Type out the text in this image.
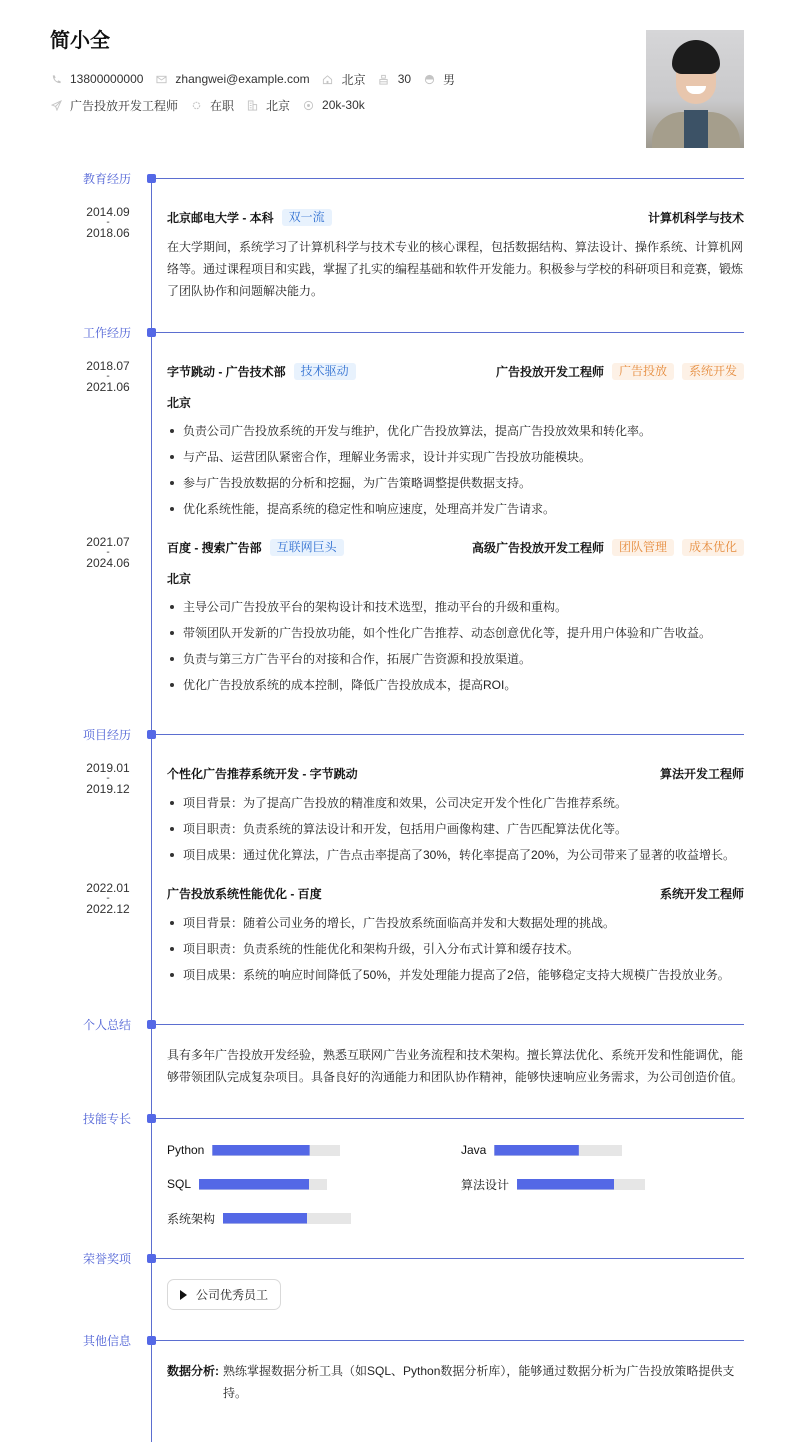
简小全
13800000000	zhangwei@example.com	北京	30	男
广告投放开发工程师	在职	北京	20k-30k
教育经历
2014.09
-
2018.06
北京邮电大学 - 本科	双一流	计算机科学与技术
在大学期间，系统学习了计算机科学与技术专业的核心课程，包括数据结构、算法设计、操作系统、计算机网络等。通过课程项目和实践，掌握了扎实的编程基础和软件开发能力。积极参与学校的科研项目和竞赛，锻炼了团队协作和问题解决能力。
工作经历
2018.07
-
2021.06
字节跳动 - 广告技术部	技术驱动	广告投放开发工程师	广告投放	系统开发
北京
负责公司广告投放系统的开发与维护，优化广告投放算法，提高广告投放效果和转化率。
与产品、运营团队紧密合作，理解业务需求，设计并实现广告投放功能模块。
参与广告投放数据的分析和挖掘，为广告策略调整提供数据支持。
优化系统性能，提高系统的稳定性和响应速度，处理高并发广告请求。
2021.07
-
2024.06
百度 - 搜索广告部	互联网巨头	高级广告投放开发工程师	团队管理	成本优化
北京
主导公司广告投放平台的架构设计和技术选型，推动平台的升级和重构。
带领团队开发新的广告投放功能，如个性化广告推荐、动态创意优化等，提升用户体验和广告收益。
负责与第三方广告平台的对接和合作，拓展广告资源和投放渠道。
优化广告投放系统的成本控制，降低广告投放成本，提高ROI。
项目经历
2019.01
-
2019.12
个性化广告推荐系统开发 - 字节跳动	算法开发工程师
项目背景：为了提高广告投放的精准度和效果，公司决定开发个性化广告推荐系统。
项目职责：负责系统的算法设计和开发，包括用户画像构建、广告匹配算法优化等。
项目成果：通过优化算法，广告点击率提高了30%，转化率提高了20%，为公司带来了显著的收益增长。
2022.01
-
2022.12
广告投放系统性能优化 - 百度	系统开发工程师
项目背景：随着公司业务的增长，广告投放系统面临高并发和大数据处理的挑战。
项目职责：负责系统的性能优化和架构升级，引入分布式计算和缓存技术。
项目成果：系统的响应时间降低了50%，并发处理能力提高了2倍，能够稳定支持大规模广告投放业务。
个人总结
具有多年广告投放开发经验，熟悉互联网广告业务流程和技术架构。擅长算法优化、系统开发和性能调优，能够带领团队完成复杂项目。具备良好的沟通能力和团队协作精神，能够快速响应业务需求，为公司创造价值。
技能专长
Python	Java
SQL	算法设计
系统架构
荣誉奖项
公司优秀员工
其他信息
数据分析: 熟练掌握数据分析工具（如SQL、Python数据分析库），能够通过数据分析为广告投放策略提供支持。
